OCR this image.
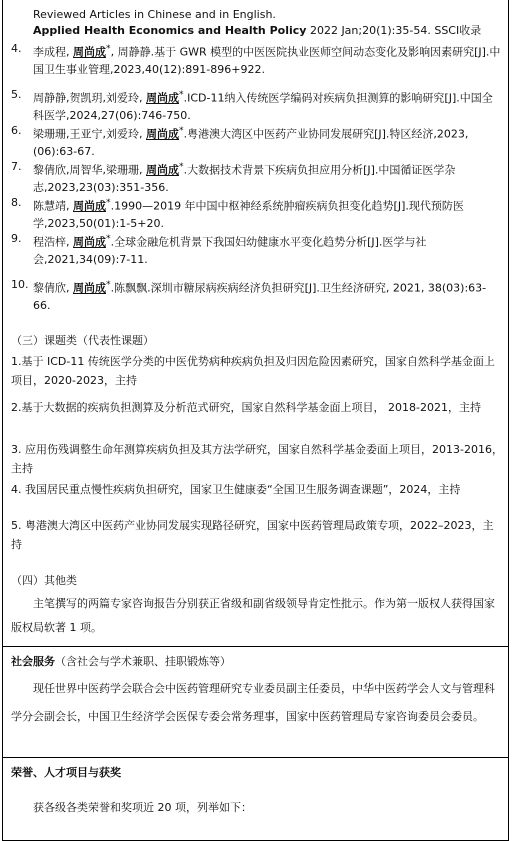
Reviewed Articles in Chinese and in English.
Applied Health Economics and Health Policy 2022 Jan;20(1):35-54. SSCI收录
4. 李成程, 周尚成*, 周静静.基于 GWR 模型的中医医院执业医师空间动态变化及影响因素研究[J].中国卫生事业管理,2023,40(12):891-896+922.
5. 周静静,贺凯玥,刘爱玲, 周尚成*.ICD-11纳入传统医学编码对疾病负担测算的影响研究[J].中国全科医学,2024,27(06):746-750.
6. 梁珊珊,王亚宁,刘爱玲, 周尚成*.粤港澳大湾区中医药产业协同发展研究[J].特区经济,2023,(06):63-67.
7. 黎倩欣,周智华,梁珊珊, 周尚成*.大数据技术背景下疾病负担应用分析[J].中国循证医学杂志,2023,23(03):351-356.
8. 陈慧靖, 周尚成*.1990—2019 年中国中枢神经系统肿瘤疾病负担变化趋势[J].现代预防医学,2023,50(01):1-5+20.
9. 程浩梓, 周尚成*.全球金融危机背景下我国妇幼健康水平变化趋势分析[J].医学与社会,2021,34(09):7-11.
10. 黎倩欣, 周尚成*.陈飘飘.深圳市糖尿病疾病经济负担研究[J].卫生经济研究, 2021, 38(03):63-66.
（三）课题类（代表性课题）
1.基于 ICD-11 传统医学分类的中医优势病种疾病负担及归因危险因素研究，国家自然科学基金面上项目，2020-2023，主持
2.基于大数据的疾病负担测算及分析范式研究，国家自然科学基金面上项目， 2018-2021，主持
3. 应用伤残调整生命年测算疾病负担及其方法学研究，国家自然科学基金委面上项目，2013-2016，主持
4. 我国居民重点慢性疾病负担研究，国家卫生健康委“全国卫生服务调查课题”，2024，主持
5. 粤港澳大湾区中医药产业协同发展实现路径研究，国家中医药管理局政策专项，2022–2023，主持
（四）其他类
主笔撰写的两篇专家咨询报告分别获正省级和副省级领导肯定性批示。作为第一版权人获得国家版权局软著 1 项。
社会服务（含社会与学术兼职、挂职锻炼等）
现任世界中医药学会联合会中医药管理研究专业委员副主任委员，中华中医药学会人文与管理科学分会副会长，中国卫生经济学会医保专委会常务理事，国家中医药管理局专家咨询委员会委员。
荣誉、人才项目与获奖
获各级各类荣誉和奖项近 20 项，列举如下：
